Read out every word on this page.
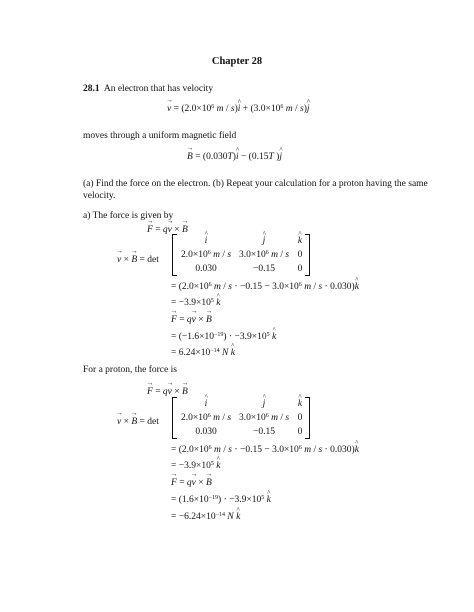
Chapter 28
28.1 An electron that has velocity
v → = ($2.0\times 10^6$ m / s)i ^ + ($3.0\times 10^6$ m / s)j ^
moves through a uniform magnetic field
B → = (0.030T)i ^ − (0.15T )j ^
(a) Find the force on the electron. (b) Repeat your calculation for a proton having the same
velocity.
a) The force is given by
F → = qv → × B →
v → × B → = det
i ^	j ^	k ^
$2.0\times 10^6$ m / s $3.0\times 10^6$ m / s 0
0.030	−0.15 0
= ($2.0\times 10^6$ $m / s \cdot -0.15 - 3.0\times 10^6$ m / s ⋅ 0.030)k ^
= $-3.9\times 10^5$ k ^
F → = qv → × B →
= $(-1.6\times 10^{-19}) \cdot -3.9\times 10^5$ k ^
= $6.24\times 10^{-14}$ N k ^
For a proton, the force is
F → = qv → × B →
v → × B → = det
i ^	j ^	k ^
$2.0\times 10^6$ m / s $3.0\times 10^6$ m / s 0
0.030	−0.15 0
= ($2.0\times 10^6$ $m / s \cdot -0.15 - 3.0\times 10^6$ m / s ⋅ 0.030)k ^
= $-3.9\times 10^5$ k ^
F → = qv → × B →
= $(1.6\times 10^{-19}) \cdot -3.9\times 10^5$ k ^
= $-6.24\times 10^{-14}$ N k ^
